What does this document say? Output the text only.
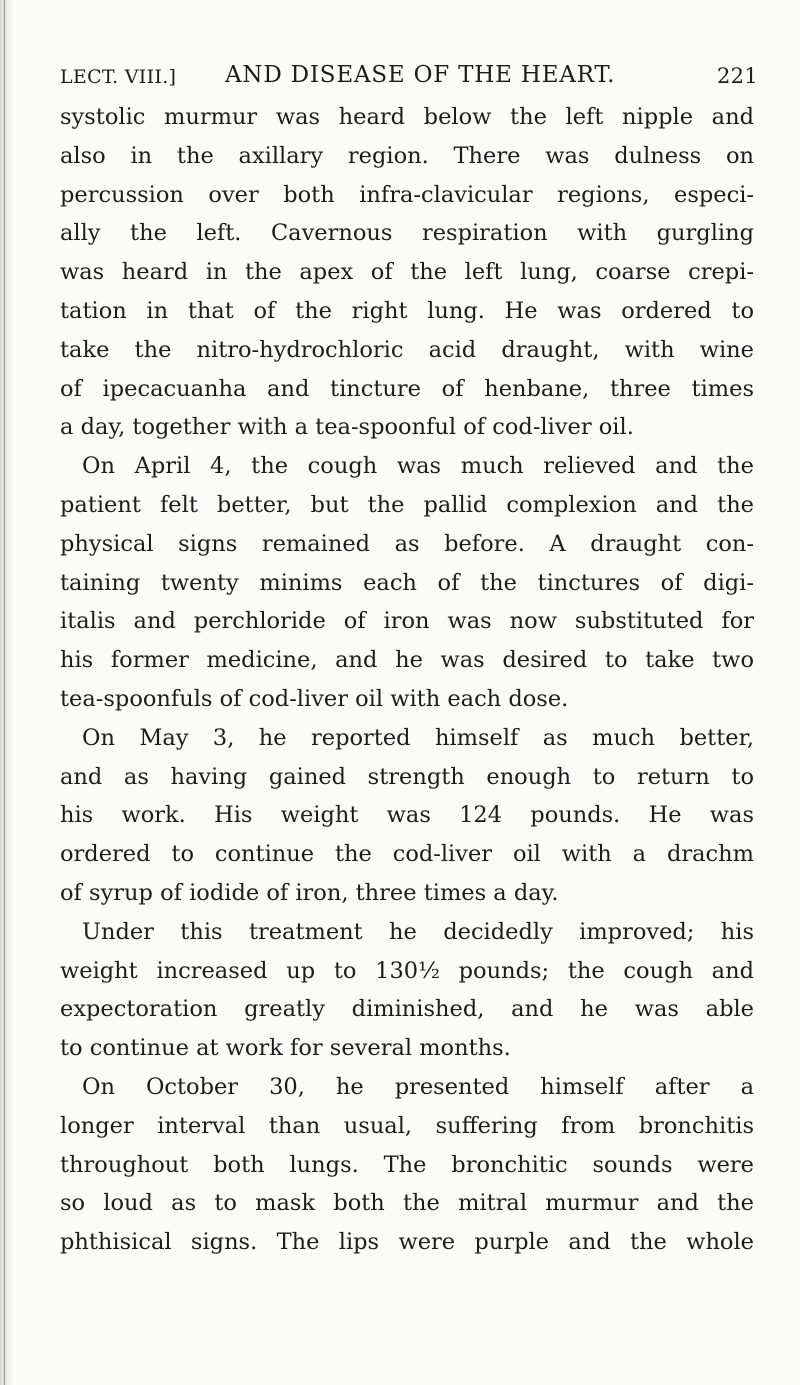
LECT. VIII.] AND DISEASE OF THE HEART.	221
systolic murmur was heard below the left nipple and
also in the axillary region. There was dulness on
percussion over both infra-clavicular regions, especi-
ally the left. Cavernous respiration with gurgling
was heard in the apex of the left lung, coarse crepi-
tation in that of the right lung. He was ordered to
take the nitro-hydrochloric acid draught, with wine
of ipecacuanha and tincture of henbane, three times
a day, together with a tea-spoonful of cod-liver oil.
On April 4, the cough was much relieved and the
patient felt better, but the pallid complexion and the
physical signs remained as before. A draught con-
taining twenty minims each of the tinctures of digi-
italis and perchloride of iron was now substituted for
his former medicine, and he was desired to take two
tea-spoonfuls of cod-liver oil with each dose.
On May 3, he reported himself as much better,
and as having gained strength enough to return to
his work. His weight was 124 pounds. He was
ordered to continue the cod-liver oil with a drachm
of syrup of iodide of iron, three times a day.
Under this treatment he decidedly improved; his
weight increased up to 130½ pounds; the cough and
expectoration greatly diminished, and he was able
to continue at work for several months.
On October 30, he presented himself after a
longer interval than usual, suffering from bronchitis
throughout both lungs. The bronchitic sounds were
so loud as to mask both the mitral murmur and the
phthisical signs. The lips were purple and the whole
